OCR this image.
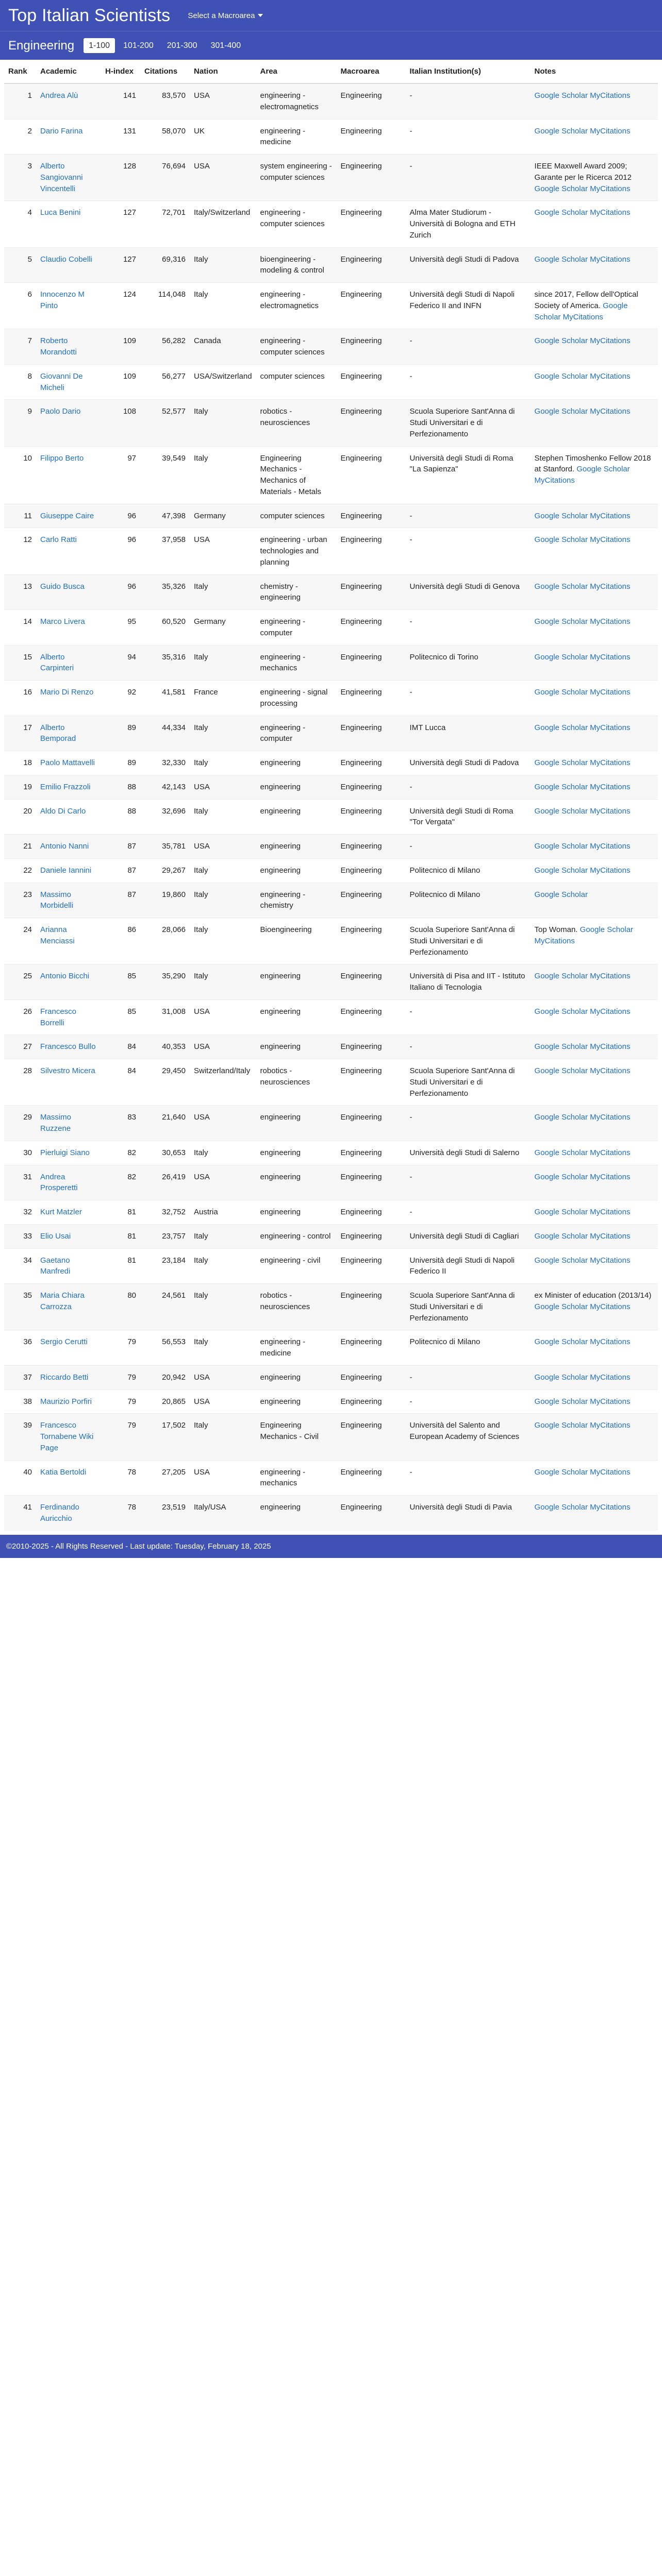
Top Italian Scientists Select a Macroarea
Engineering	1-100 101-200 201-300 301-400
Rank	Academic	H-index	Citations	Nation	Area	Macroarea	Italian Institution(s)	Notes
1	Andrea Alù	141	83,570	USA	engineering - electromagnetics	Engineering	-	Google Scholar MyCitations
2	Dario Farina	131	58,070	UK	engineering - medicine	Engineering	-	Google Scholar MyCitations
3	Alberto Sangiovanni Vincentelli	128	76,694	USA	system engineering - computer sciences	Engineering	-	IEEE Maxwell Award 2009; Garante per le Ricerca 2012 Google Scholar MyCitations
4	Luca Benini	127	72,701	Italy/Switzerland	engineering - computer sciences	Engineering	Alma Mater Studiorum - Università di Bologna and ETH Zurich	Google Scholar MyCitations
5	Claudio Cobelli	127	69,316	Italy	bioengineering - modeling & control	Engineering	Università degli Studi di Padova	Google Scholar MyCitations
6	Innocenzo M Pinto	124	114,048	Italy	engineering - electromagnetics	Engineering	Università degli Studi di Napoli Federico II and INFN	since 2017, Fellow dell'Optical Society of America. Google Scholar MyCitations
7	Roberto Morandotti	109	56,282	Canada	engineering - computer sciences	Engineering	-	Google Scholar MyCitations
8	Giovanni De Micheli	109	56,277	USA/Switzerland	computer sciences	Engineering	-	Google Scholar MyCitations
9	Paolo Dario	108	52,577	Italy	robotics - neurosciences	Engineering	Scuola Superiore Sant'Anna di Studi Universitari e di Perfezionamento	Google Scholar MyCitations
10	Filippo Berto	97	39,549	Italy	Engineering Mechanics - Mechanics of Materials - Metals	Engineering	Università degli Studi di Roma "La Sapienza"	Stephen Timoshenko Fellow 2018 at Stanford. Google Scholar MyCitations
11	Giuseppe Caire	96	47,398	Germany	computer sciences	Engineering	-	Google Scholar MyCitations
12	Carlo Ratti	96	37,958	USA	engineering - urban technologies and planning	Engineering	-	Google Scholar MyCitations
13	Guido Busca	96	35,326	Italy	chemistry - engineering	Engineering	Università degli Studi di Genova	Google Scholar MyCitations
14	Marco Livera	95	60,520	Germany	engineering - computer	Engineering	-	Google Scholar MyCitations
15	Alberto Carpinteri	94	35,316	Italy	engineering - mechanics	Engineering	Politecnico di Torino	Google Scholar MyCitations
16	Mario Di Renzo	92	41,581	France	engineering - signal processing	Engineering	-	Google Scholar MyCitations
17	Alberto Bemporad	89	44,334	Italy	engineering - computer	Engineering	IMT Lucca	Google Scholar MyCitations
18	Paolo Mattavelli	89	32,330	Italy	engineering	Engineering	Università degli Studi di Padova	Google Scholar MyCitations
19	Emilio Frazzoli	88	42,143	USA	engineering	Engineering	-	Google Scholar MyCitations
20	Aldo Di Carlo	88	32,696	Italy	engineering	Engineering	Università degli Studi di Roma "Tor Vergata"	Google Scholar MyCitations
21	Antonio Nanni	87	35,781	USA	engineering	Engineering	-	Google Scholar MyCitations
22	Daniele Iannini	87	29,267	Italy	engineering	Engineering	Politecnico di Milano	Google Scholar MyCitations
23	Massimo Morbidelli	87	19,860	Italy	engineering - chemistry	Engineering	Politecnico di Milano	Google Scholar
24	Arianna Menciassi	86	28,066	Italy	Bioengineering	Engineering	Scuola Superiore Sant'Anna di Studi Universitari e di Perfezionamento	Top Woman. Google Scholar MyCitations
25	Antonio Bicchi	85	35,290	Italy	engineering	Engineering	Università di Pisa and IIT - Istituto Italiano di Tecnologia	Google Scholar MyCitations
26	Francesco Borrelli	85	31,008	USA	engineering	Engineering	-	Google Scholar MyCitations
27	Francesco Bullo	84	40,353	USA	engineering	Engineering	-	Google Scholar MyCitations
28	Silvestro Micera	84	29,450	Switzerland/Italy	robotics - neurosciences	Engineering	Scuola Superiore Sant'Anna di Studi Universitari e di Perfezionamento	Google Scholar MyCitations
29	Massimo Ruzzene	83	21,640	USA	engineering	Engineering	-	Google Scholar MyCitations
30	Pierluigi Siano	82	30,653	Italy	engineering	Engineering	Università degli Studi di Salerno	Google Scholar MyCitations
31	Andrea Prosperetti	82	26,419	USA	engineering	Engineering	-	Google Scholar MyCitations
32	Kurt Matzler	81	32,752	Austria	engineering	Engineering	-	Google Scholar MyCitations
33	Elio Usai	81	23,757	Italy	engineering - control	Engineering	Università degli Studi di Cagliari	Google Scholar MyCitations
34	Gaetano Manfredi	81	23,184	Italy	engineering - civil	Engineering	Università degli Studi di Napoli Federico II	Google Scholar MyCitations
35	Maria Chiara Carrozza	80	24,561	Italy	robotics - neurosciences	Engineering	Scuola Superiore Sant'Anna di Studi Universitari e di Perfezionamento	ex Minister of education (2013/14) Google Scholar MyCitations
36	Sergio Cerutti	79	56,553	Italy	engineering - medicine	Engineering	Politecnico di Milano	Google Scholar MyCitations
37	Riccardo Betti	79	20,942	USA	engineering	Engineering	-	Google Scholar MyCitations
38	Maurizio Porfiri	79	20,865	USA	engineering	Engineering	-	Google Scholar MyCitations
39	Francesco Tornabene Wiki Page	79	17,502	Italy	Engineering Mechanics - Civil	Engineering	Università del Salento and European Academy of Sciences	Google Scholar MyCitations
40	Katia Bertoldi	78	27,205	USA	engineering - mechanics	Engineering	-	Google Scholar MyCitations
41	Ferdinando Auricchio	78	23,519	Italy/USA	engineering	Engineering	Università degli Studi di Pavia	Google Scholar MyCitations
©2010-2025 - All Rights Reserved - Last update: Tuesday, February 18, 2025
